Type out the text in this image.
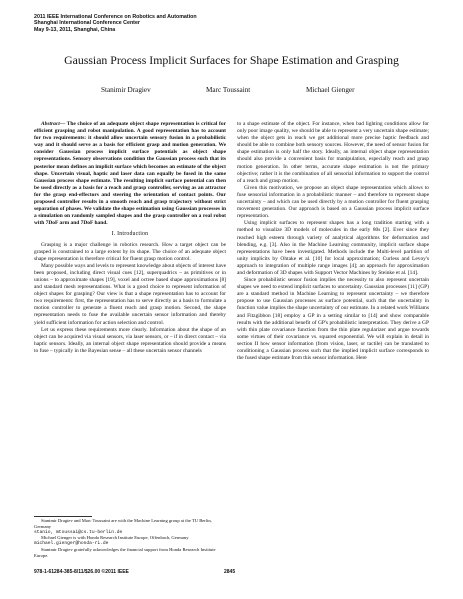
2011 IEEE International Conference on Robotics and Automation
Shanghai International Conference Center
May 9-13, 2011, Shanghai, China
Gaussian Process Implicit Surfaces for Shape Estimation and Grasping
Stanimir Dragiev	Marc Toussaint	Michael Gienger

Abstract— The choice of an adequate object shape representation is critical for efficient grasping and robot manipulation. A good representation has to account for two requirements: it should allow uncertain sensory fusion in a probabilistic way and it should serve as a basis for efficient grasp and motion generation. We consider Gaussian process implicit surface potentials as object shape representations. Sensory observations condition the Gaussian process such that its posterior mean defines an implicit surface which becomes an estimate of the object shape. Uncertain visual, haptic and laser data can equally be fused in the same Gaussian process shape estimate. The resulting implicit surface potential can then be used directly as a basis for a reach and grasp controller, serving as an attractor for the grasp end-effectors and steering the orientation of contact points. Our proposed controller results in a smooth reach and grasp trajectory without strict separation of phases. We validate the shape estimation using Gaussian processes in a simulation on randomly sampled shapes and the grasp controller on a real robot with 7DoF arm and 7DoF hand.

I. Introduction

Grasping is a major challenge in robotics research. How a target object can be grasped is constrained to a large extent by its shape. The choice of an adequate object shape representation is therefore critical for fluent grasp motion control.

Many possible ways and levels to represent knowledge about objects of interest have been proposed, including direct visual cues [12], superquadrics – as primitives or in unions – to approximate shapes [19], voxel and octree based shape approximations [8] and standard mesh representations. What is a good choice to represent information of object shapes for grasping? Our view is that a shape representation has to account for two requirements: first, the representation has to serve directly as a basis to formulate a motion controller to generate a fluent reach and grasp motion. Second, the shape representation needs to fuse the available uncertain sensor information and thereby yield sufficient information for action selection and control.

Let us express these requirements more clearly. Information about the shape of an object can be acquired via visual sensors, via laser sensors, or – if in direct contact – via haptic sensors. Ideally, an internal object shape representation should provide a means to fuse – typically in the Bayesian sense – all these uncertain sensor channels

Stanimir Dragiev and Marc Toussaint are with the Machine Learning group at the TU Berlin, Germany

stanio, mtoussai@cs.tu-berlin.de

Michael Gienger is with Honda Research Institute Europe, Offenbach, Germany

michael.gienger@honda-ri.de

Stanimir Dragiev gratefully acknowledges the financial support from Honda Research Institute Europe.

to a shape estimate of the object. For instance, when bad lighting conditions allow for only poor image quality, we should be able to represent a very uncertain shape estimate; when the object gets in reach we get additional more precise haptic feedback and should be able to combine both sensory sources. However, the need of sensor fusion for shape estimation is only half the story. Ideally, an internal object shape representation should also provide a convenient basis for manipulation, especially reach and grasp motion generation. In other terms, accurate shape estimation is not the primary objective; rather it is the combination of all sensorial information to support the control of a reach and grasp motion.

Given this motivation, we propose an object shape representation which allows to fuse sensorial information in a probabilistic manner – and therefore to represent shape uncertainty – and which can be used directly by a motion controller for fluent grasping movement generation. Our approach is based on a Gaussian process implicit surface representation.

Using implicit surfaces to represent shapes has a long tradition starting with a method to visualize 3D models of molecules in the early 80s [2]. Ever since they reached high esteem through variety of analytical algorithms for deformation and blending, e.g. [3]. Also in the Machine Learning community, implicit surface shape representations have been investigated. Methods include the Multi-level partition of unity implicits by Ohtake et al. [10] for local approximation; Curless and Levoy's approach to integration of multiple range images [4]; an approach for approximation and deformation of 3D shapes with Support Vector Machines by Steinke et al. [14].

Since probabilistic sensor fusion implies the necessity to also represent uncertain shapes we need to extend implicit surfaces to uncertainty. Gaussian processes [11] (GP) are a standard method in Machine Learning to represent uncertainty – we therefore propose to use Gaussian processes as surface potential, such that the uncertainty in function value implies the shape uncertainty of our estimate. In a related work Williams and Fitzgibbon [18] employ a GP in a setting similar to [14] and show comparable results with the additional benefit of GP's probabilistic interpretation. They derive a GP with thin plate covariance function from the thin plate regularizer and argue towards some virtues of their covariance vs. squared exponential. We will explain in detail in section II how sensor information (from vision, laser, or tactile) can be translated to conditioning a Gaussian process such that the implied implicit surface corresponds to the fused shape estimate from this sensor information. Here

978-1-61284-385-8/11/$26.00 ©2011 IEEE	2845
